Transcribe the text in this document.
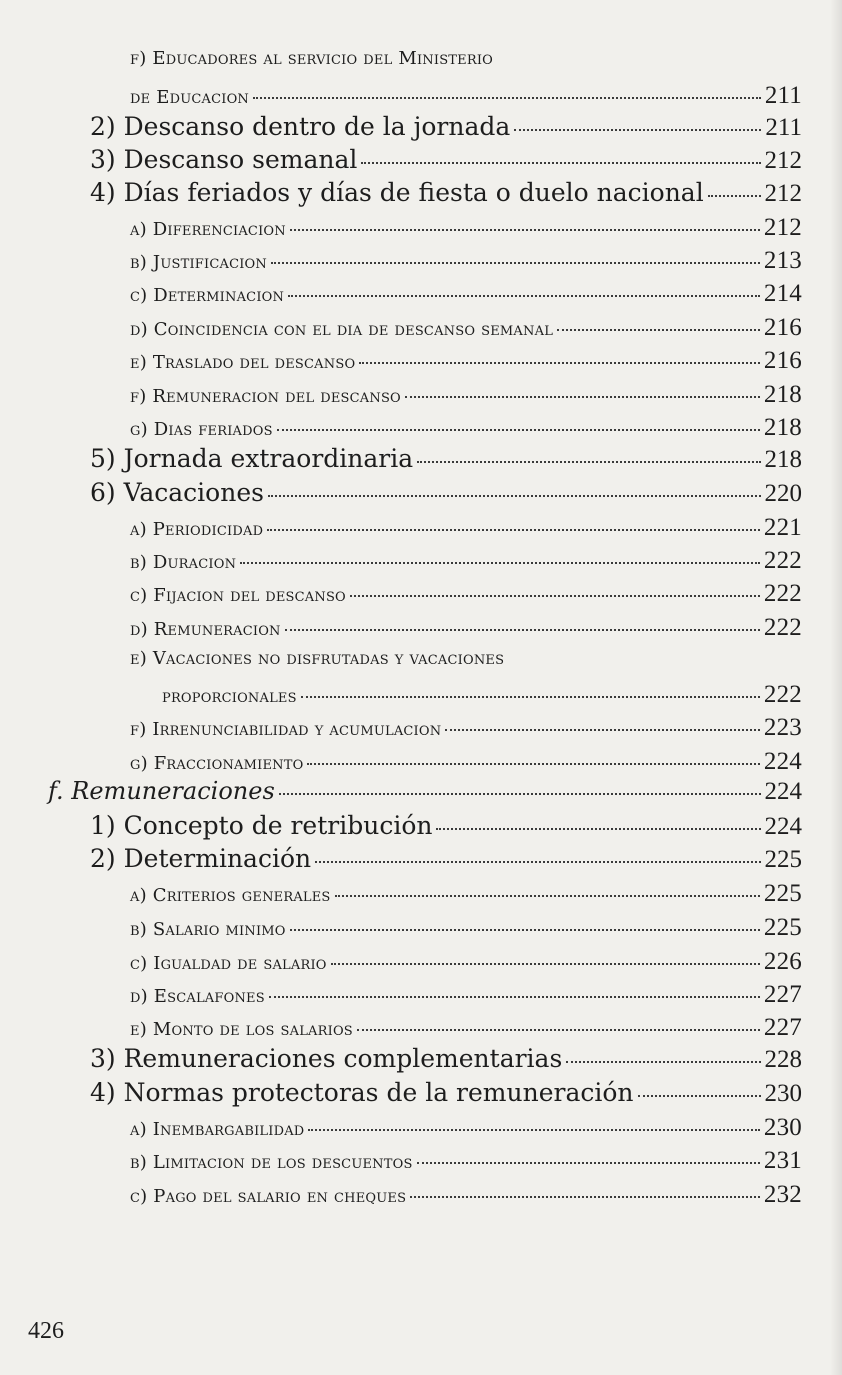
f) Educadores al servicio del Ministerio
de Educacion	211
2) Descanso dentro de la jornada	211
3) Descanso semanal	212
4) Días feriados y días de fiesta o duelo nacional 212
a) Diferenciacion	212
b) Justificacion	213
c) Determinacion	214
d) Coincidencia con el dia de descanso semanal	216
e) Traslado del descanso	216
f) Remuneracion del descanso	218
g) Dias feriados	218
5) Jornada extraordinaria	218
6) Vacaciones	220
a) Periodicidad	221
b) Duracion	222
c) Fijacion del descanso	222
d) Remuneracion	222
e) Vacaciones no disfrutadas y vacaciones
proporcionales	222
f) Irrenunciabilidad y acumulacion	223
g) Fraccionamiento	224
f. Remuneraciones	224
1) Concepto de retribución	224
2) Determinación	225
a) Criterios generales	225
b) Salario minimo	225
c) Igualdad de salario	226
d) Escalafones	227
e) Monto de los salarios	227
3) Remuneraciones complementarias	228
4) Normas protectoras de la remuneración	230
a) Inembargabilidad	230
b) Limitacion de los descuentos	231
c) Pago del salario en cheques	232
426
